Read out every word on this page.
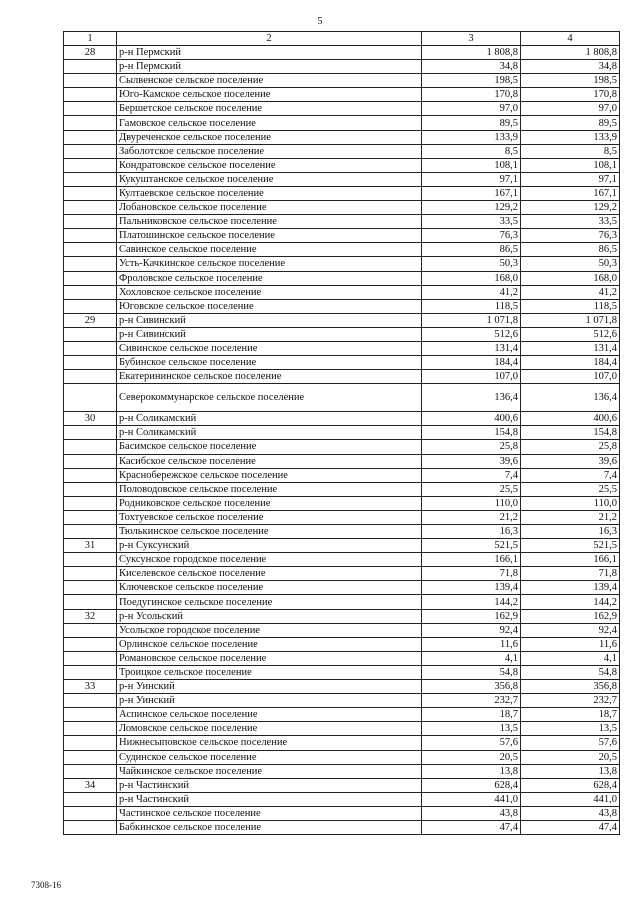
5
1	2	3	4
28	р-н Пермский	1 808,8	1 808,8
	р-н Пермский	34,8	34,8
	Сылвенское сельское поселение	198,5	198,5
	Юго-Камское сельское поселение	170,8	170,8
	Бершетское сельское поселение	97,0	97,0
	Гамовское сельское поселение	89,5	89,5
	Двуреченское сельское поселение	133,9	133,9
	Заболотское сельское поселение	8,5	8,5
	Кондратовское сельское поселение	108,1	108,1
	Кукуштанское сельское поселение	97,1	97,1
	Култаевское сельское поселение	167,1	167,1
	Лобановское сельское поселение	129,2	129,2
	Пальниковское сельское поселение	33,5	33,5
	Платошинское сельское поселение	76,3	76,3
	Савинское сельское поселение	86,5	86,5
	Усть-Качкинское сельское поселение	50,3	50,3
	Фроловское сельское поселение	168,0	168,0
	Хохловское сельское поселение	41,2	41,2
	Юговское сельское поселение	118,5	118,5
29	р-н Сивинский	1 071,8	1 071,8
	р-н Сивинский	512,6	512,6
	Сивинское сельское поселение	131,4	131,4
	Бубинское сельское поселение	184,4	184,4
	Екатерининское сельское поселение	107,0	107,0
	Северокоммунарское сельское поселение	136,4	136,4
30	р-н Соликамский	400,6	400,6
	р-н Соликамский	154,8	154,8
	Басимское сельское поселение	25,8	25,8
	Касибское сельское поселение	39,6	39,6
	Краснобережское сельское поселение	7,4	7,4
	Половодовское сельское поселение	25,5	25,5
	Родниковское сельское поселение	110,0	110,0
	Тохтуевское сельское поселение	21,2	21,2
	Тюлькинское сельское поселение	16,3	16,3
31	р-н Суксунский	521,5	521,5
	Суксунское городское поселение	166,1	166,1
	Киселевское сельское поселение	71,8	71,8
	Ключевское сельское поселение	139,4	139,4
	Поедугинское сельское поселение	144,2	144,2
32	р-н Усольский	162,9	162,9
	Усольское городское поселение	92,4	92,4
	Орлинское сельское поселение	11,6	11,6
	Романовское сельское поселение	4,1	4,1
	Троицкое сельское поселение	54,8	54,8
33	р-н Уинский	356,8	356,8
	р-н Уинский	232,7	232,7
	Аспинское сельское поселение	18,7	18,7
	Ломовское сельское поселение	13,5	13,5
	Нижнесыповское сельское поселение	57,6	57,6
	Судинское сельское поселение	20,5	20,5
	Чайкинское сельское поселение	13,8	13,8
34	р-н Частинский	628,4	628,4
	р-н Частинский	441,0	441,0
	Частинское сельское поселение	43,8	43,8
	Бабкинское сельское поселение	47,4	47,4
7308-16
